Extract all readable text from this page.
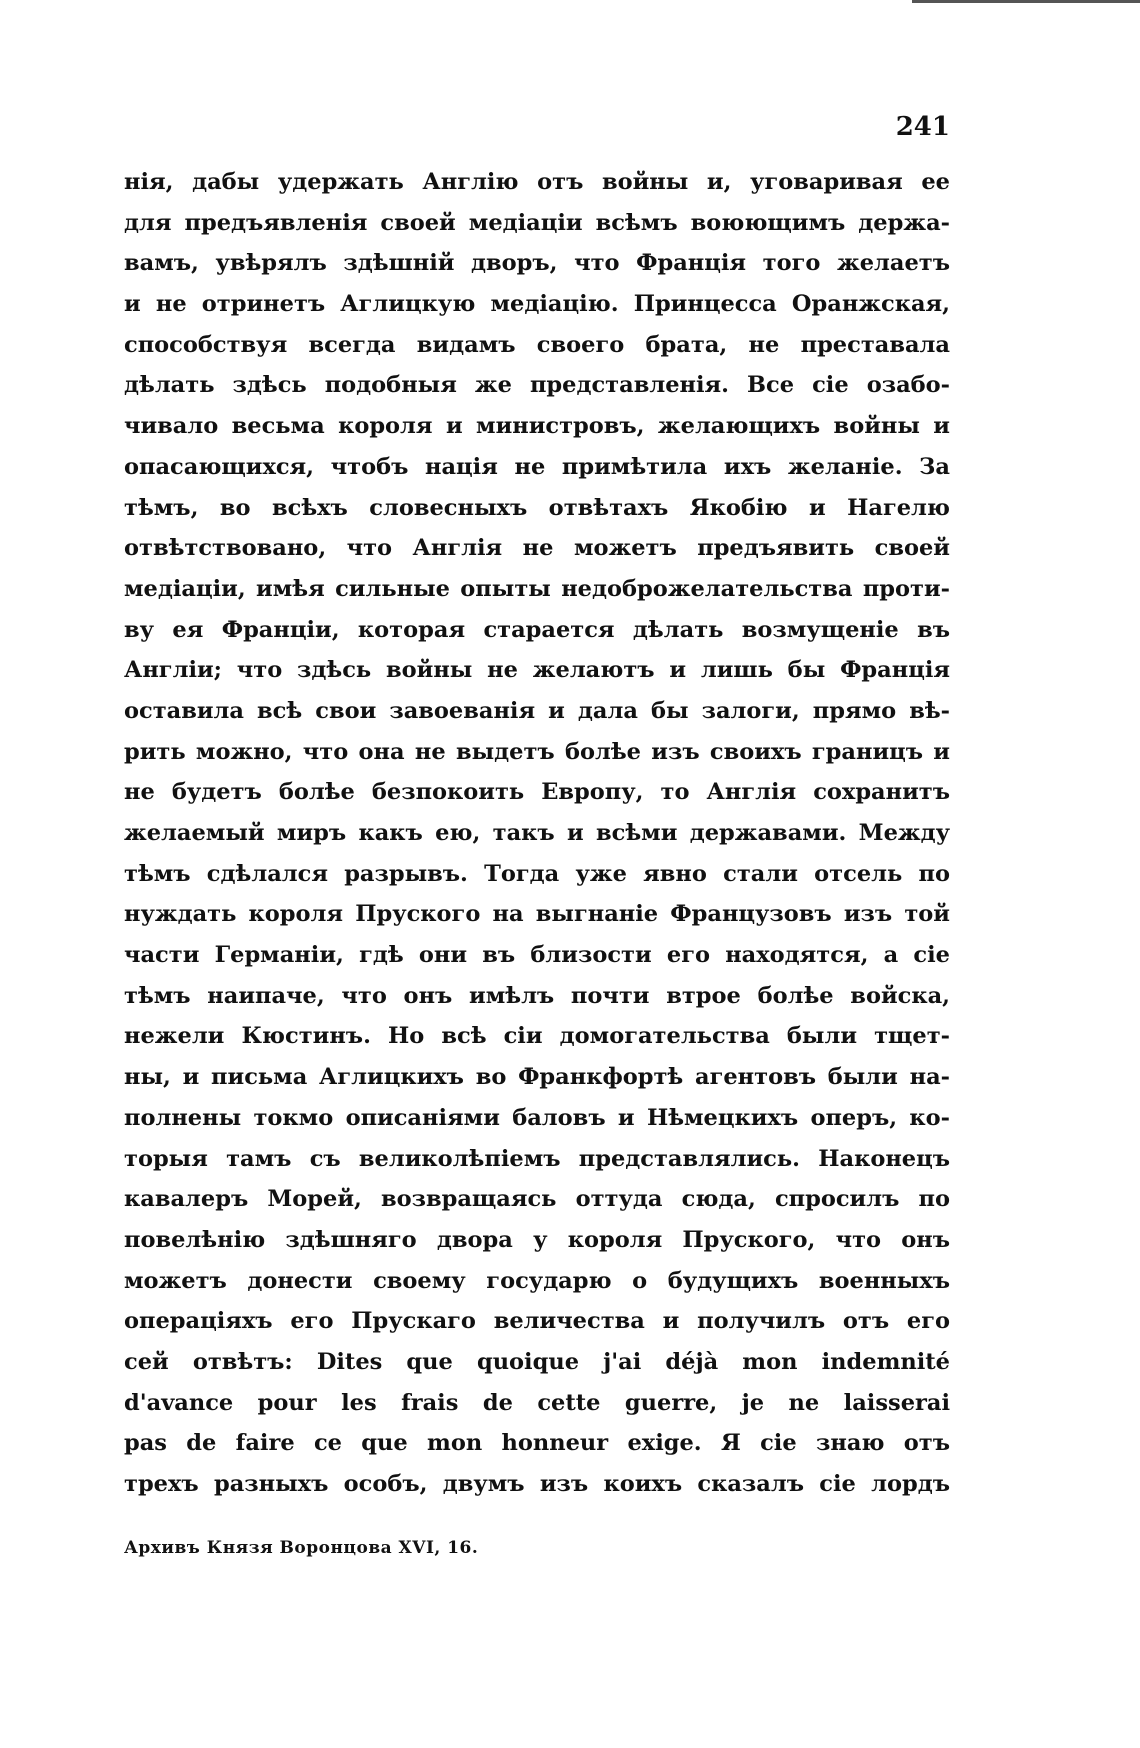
241
нія, дабы удержать Англію отъ войны и, уговаривая ее
для предъявленія своей медіаціи всѣмъ воюющимъ держа-
вамъ, увѣрялъ здѣшній дворъ, что Франція того желаетъ
и не отринетъ Аглицкую медіацію. Принцесса Оранжская,
способствуя всегда видамъ своего брата, не преставала
дѣлать здѣсь подобныя же представленія. Все сіе озабо-
чивало весьма короля и министровъ, желающихъ войны и
опасающихся, чтобъ нація не примѣтила ихъ желаніе. За
тѣмъ, во всѣхъ словесныхъ отвѣтахъ Якобію и Нагелю
отвѣтствовано, что Англія не можетъ предъявить своей
медіаціи, имѣя сильные опыты недоброжелательства проти-
ву ея Франціи, которая старается дѣлать возмущеніе въ
Англіи; что здѣсь войны не желаютъ и лишь бы Франція
оставила всѣ свои завоеванія и дала бы залоги, прямо вѣ-
рить можно, что она не выдетъ болѣе изъ своихъ границъ и
не будетъ болѣе безпокоить Европу, то Англія сохранитъ
желаемый миръ какъ ею, такъ и всѣми державами. Между
тѣмъ сдѣлался разрывъ. Тогда уже явно стали отсель по
нуждать короля Пруского на выгнаніе Французовъ изъ той
части Германіи, гдѣ они въ близости его находятся, а сіе
тѣмъ наипаче, что онъ имѣлъ почти втрое болѣе войска,
нежели Кюстинъ. Но всѣ сіи домогательства были тщет-
ны, и письма Аглицкихъ во Франкфортѣ агентовъ были на-
полнены токмо описаніями баловъ и Нѣмецкихъ оперъ, ко-
торыя тамъ съ великолѣпіемъ представлялись. Наконецъ
кавалеръ Морей, возвращаясь оттуда сюда, спросилъ по
повелѣнію здѣшняго двора у короля Пруского, что онъ
можетъ донести своему государю о будущихъ военныхъ
операціяхъ его Прускаго величества и получилъ отъ его
сей отвѣтъ: Dites que quoique j'ai déjà mon indemnité
d'avance pour les frais de cette guerre, je ne laisserai
pas de faire ce que mon honneur exige. Я сіе знаю отъ
трехъ разныхъ особъ, двумъ изъ коихъ сказалъ сіе лордъ
Архивъ Князя Воронцова XVI, 16.
